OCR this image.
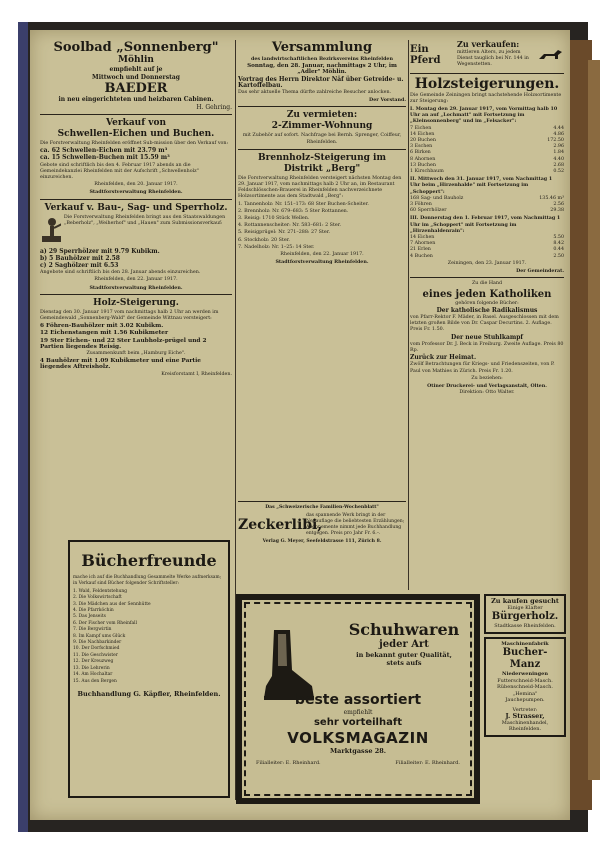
Soolbad „Sonnenberg"
Möhlin
empfiehlt auf je
Mittwoch und Donnerstag
BAEDER
in neu eingerichteten und heizbaren Cabinen.
H. Gehring.
Verkauf von
Schwellen-Eichen und Buchen.

Die Forstverwaltung Rheinfelden eröffnet Sub-mission über den Verkauf von:

ca. 62 Schwellen-Eichen mit 23.79 m³

ca. 15 Schwellen-Buchen mit 15.59 m³

Gebote sind schriftlich bis den 4. Februar 1917 abends an die Gemeindekanzlei Rheinfelden mit der Aufschrift „Schwellenholz" einzureichen.

Rheinfelden, den 20. Januar 1917.

Stadtforstverwaltung Rheinfelden.

Verkauf v. Bau-, Sag- und Sperrholz.

Die Forstverwaltung Rheinfelden bringt aus den Staatswaldungen „Beberholz", „Weiherhof" und „Hauen" zum Submissionsverkauf:

a) 29 Sperrhölzer mit 9.79 Kubikm.

b) 5 Bauhölzer mit 2.58

c) 2 Saghölzer mit 6.53

Angebote sind schriftlich bis den 28. Januar abends einzureichen.

Rheinfelden, den 22. Januar 1917.

Stadtforstverwaltung Rheinfelden.

Holz-Steigerung.

Dienstag den 30. Januar 1917 vom nachmittags halb 2 Uhr an werden im Gemeindewald „Sonnenberg-Wald" der Gemeinde Wittnau versteigert:

6 Föhren-Bauhölzer mit 3.02 Kubikm.

12 Eichenstangen mit 1.56 Kubikmeter

19 Ster Eichen- und 22 Ster Laubholz-prügel und 2 Partien liegendes Reisig.

Zusammenkunft beim „Hamburg Eiche".

4 Bauhölzer mit 1.09 Kubikmeter und eine Partie liegendes Aftreisholz.

Kreisforstamt I, Rheinfelden.

Bücherfreunde

mache ich auf die Buchhandlung Gesammelte Werke aufmerksam; in Verkauf sind Bücher folgender Schriftsteller:

1. Wald, Feldentstehung
2. Die Volkswirtschaft
3. Die Mädchen aus der Sennhütte
4. Die Pfarrköchin
5. Das Jenseits
6. Der Fischer vom Rheinfall
7. Die Bergwirtin
8. Im Kampf ums Glück
9. Die Nachbarkinder
10. Der Dorfschmied
11. Die Geschwister
12. Der Kreuzweg
13. Die Lehrerin
14. Am Hochaltar
15. Aus den Bergen

Buchhandlung G. Käpfler, Rheinfelden.

Versammlung

des landwirtschaftlichen Bezirksvereins Rheinfelden

Sonntag, den 28. Januar, nachmittags 2 Uhr, im „Adler" Möhlin.

Vortrag des Herrn Direktor Näf über Getreide- u. Kartoffelbau.

Das sehr aktuelle Thema dürfte zahlreiche Besucher anlocken.

Der Vorstand.

Zu vermieten:
2-Zimmer-Wohnung

mit Zubehör auf sofort. Nachfrage bei Bernh. Sprenger, Coiffeur, Rheinfelden.

Brennholz-Steigerung im Distrikt „Berg"

Die Forstverwaltung Rheinfelden versteigert nächsten Montag den 29. Januar 1917, vom nachmittags halb 2 Uhr an, im Restaurant Feldschlösschen-Brauerei in Rheinfelden nachverzeichnete Holzsortimente aus dem Stadtwald „Berg":

1. Tannenholz: Nr. 151–173: 68 Ster Buchen-Scheiter.

2. Brennholz: Nr. 679–683: 5 Ster Rottannen.

3. Reisig: 1710 Stück Wellen.

4. Rottannenscheiter: Nr. 583–681: 2 Ster.

5. Reisigprügel: Nr. 271–288: 27 Ster.

6. Stockholz: 20 Ster.

7. Nadelholz: Nr. 1–25: 14 Ster.

Rheinfelden, den 22. Januar 1917.

Stadtforstverwaltung Rheinfelden.

Das „Schweizerische Familien-Wochenblatt"

Zeckerlibi,

das spannende Werk bringt in der Neuauflage die beliebtesten Erzählungen; Abonnemente nimmt jede Buchhandlung entgegen. Preis pro Jahr Fr. 6.–.

Verlag G. Meyer, Seefeldstrasse 111, Zürich 8.

Ein Pferd
Zu verkaufen:

mittleren Alters, zu jedem Dienst tauglich bei Nr. 144 in Wegenstetten.

Holzsteigerungen.

Die Gemeinde Zeiningen bringt nachstehende Holzsortimente zur Steigerung:

I. Montag den 29. Januar 1917, vom Vormittag halb 10 Uhr an auf „Lochmatt" mit Fortsetzung im „Kleinsonnenberg" und im „Felsacker":

7 Eichen	4.44
14 Eichen	4.86
20 Buchen	172.50
3 Eschen	2.96
6 Birken	1.84
8 Ahornen	4.40
13 Buchen	2.68
1 Kirschbaum	0.52

II. Mittwoch den 31. Januar 1917, vom Nachmittag 1 Uhr beim „Hirzenhalde" mit Fortsetzung im „Schoppert":

168 Sag- und Bauholz	135.46 m³
3 Föhren	2.56
60 Sperrhölzer	29.38

III. Donnerstag den 1. Februar 1917, vom Nachmittag 1 Uhr im „Schoppert" mit Fortsetzung im „Hirzenhaldenrain":

14 Eichen	5.50
7 Ahornen	8.42
21 Erlen	0.44
4 Buchen	2.50

Zeiningen, den 23. Januar 1917.

Der Gemeinderat.

Zu die Hand

eines jeden Katholiken

gehören folgende Bücher:

Der katholische Radikalismus

von Pfarr-Rektor F. Mäder, in Basel. Ausgeschlossen mit dem letzten großen Bilde von Dr. Caspar Decurtins. 2. Auflage. Preis Fr. 1.50.

Der neue Stuhlkampf

vom Professor Dr. J. Beck in Freiburg. Zweite Auflage. Preis 80 Rp.

Zurück zur Heimat.

Zwölf Betrachtungen für Kriegs- und Friedenszeiten, von P. Paul von Mathies in Zürich. Preis Fr. 1.20.

Zu beziehen:

Otiner Druckerei- und Verlagsanstalt, Olten.

Direktion: Otto Walter.

Schuhwaren
jeder Art
in bekannt guter Qualität,
stets aufs
beste assortiert
empfiehlt
sehr vorteilhaft
VOLKSMAGAZIN
Marktgasse 28.
Filialleiter: E. Rheinhard.	Filialleiter: E. Rheinhard.
Zu kaufen gesucht
Einige Klafter
Bürgerholz.
Stadtkasse Rheinfelden.
Maschinenfabrik
Bucher-Manz
Niederweningen
Futterschneid-Masch.
Rübenschneid-Masch.
„Hemina"
Jauchepumpen.
Vertreter:
J. Strasser,
Maschinenhandel,
Rheinfelden.
